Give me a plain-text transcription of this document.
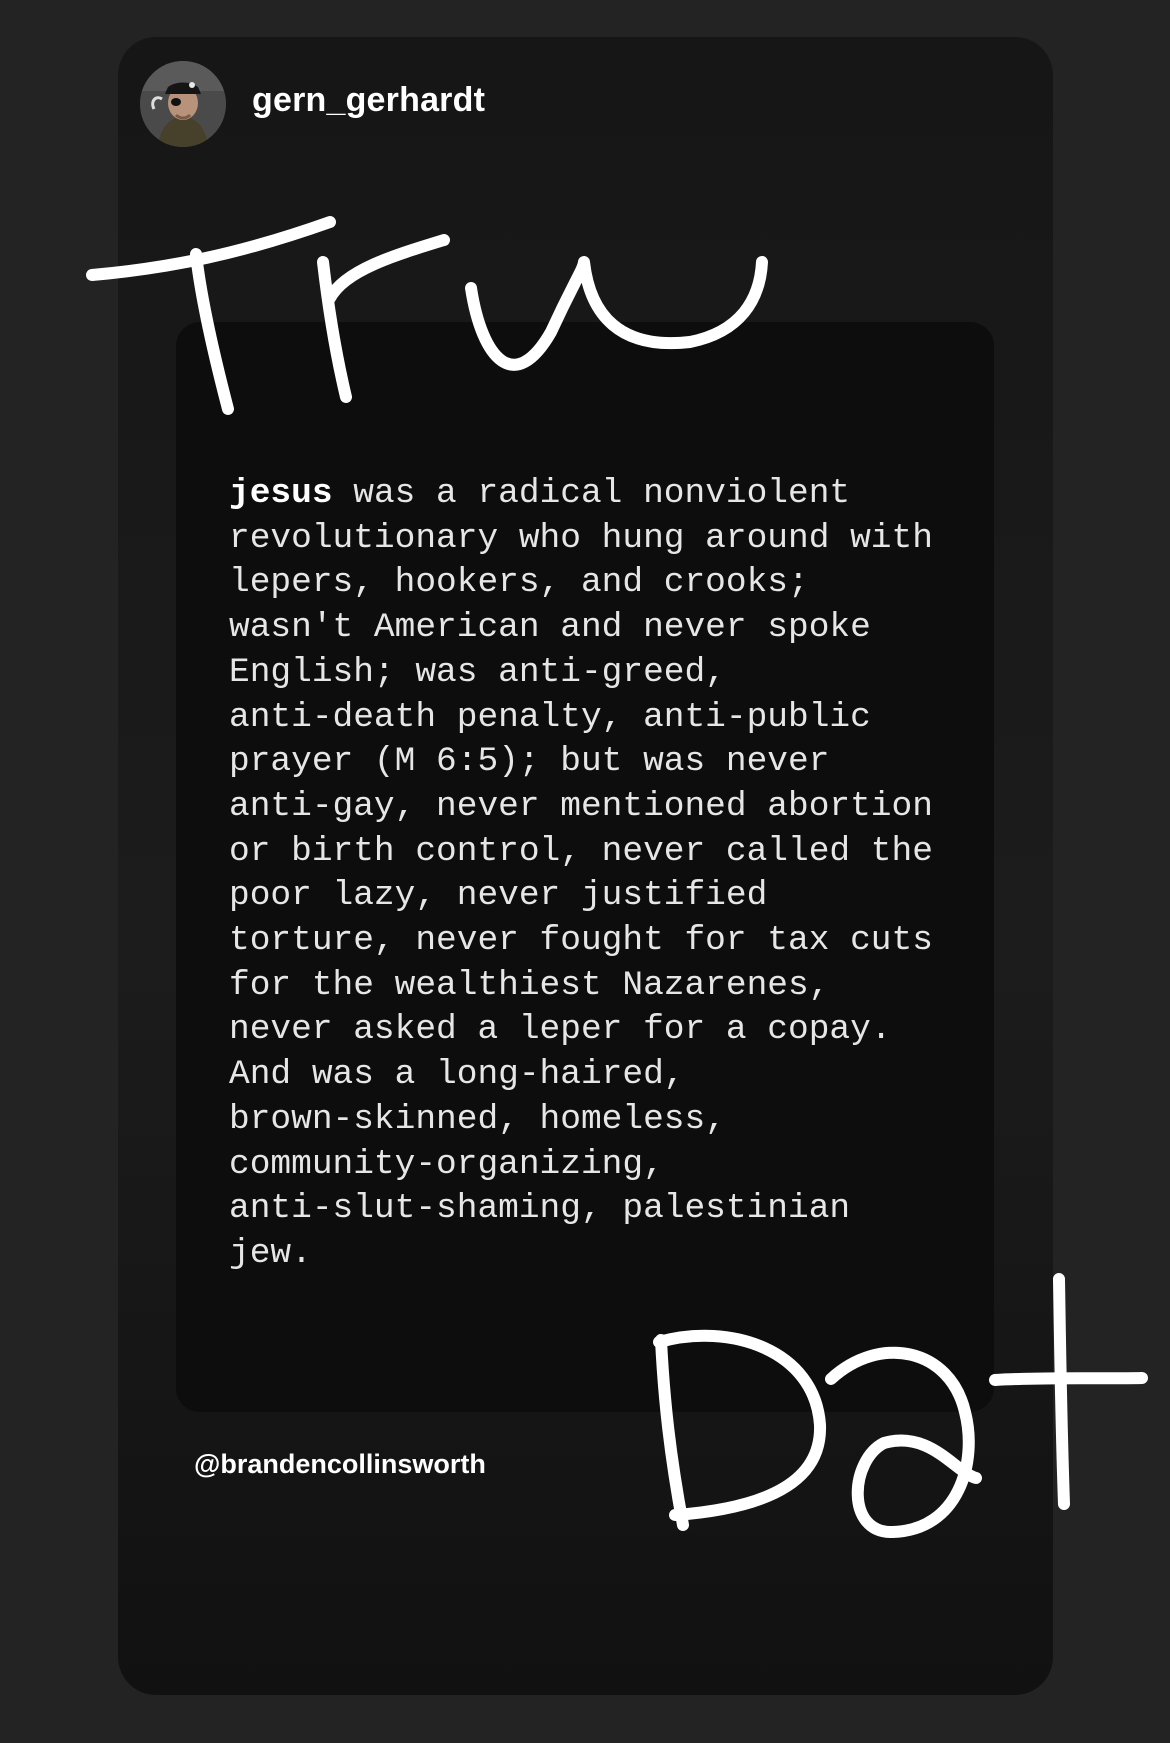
gern_gerhardt
jesus was a radical nonviolent
revolutionary who hung around with
lepers, hookers, and crooks;
wasn't American and never spoke
English; was anti-greed,
anti-death penalty, anti-public
prayer (M 6:5); but was never
anti-gay, never mentioned abortion
or birth control, never called the
poor lazy, never justified
torture, never fought for tax cuts
for the wealthiest Nazarenes,
never asked a leper for a copay.
And was a long-haired,
brown-skinned, homeless,
community-organizing,
anti-slut-shaming, palestinian
jew.
@brandencollinsworth
